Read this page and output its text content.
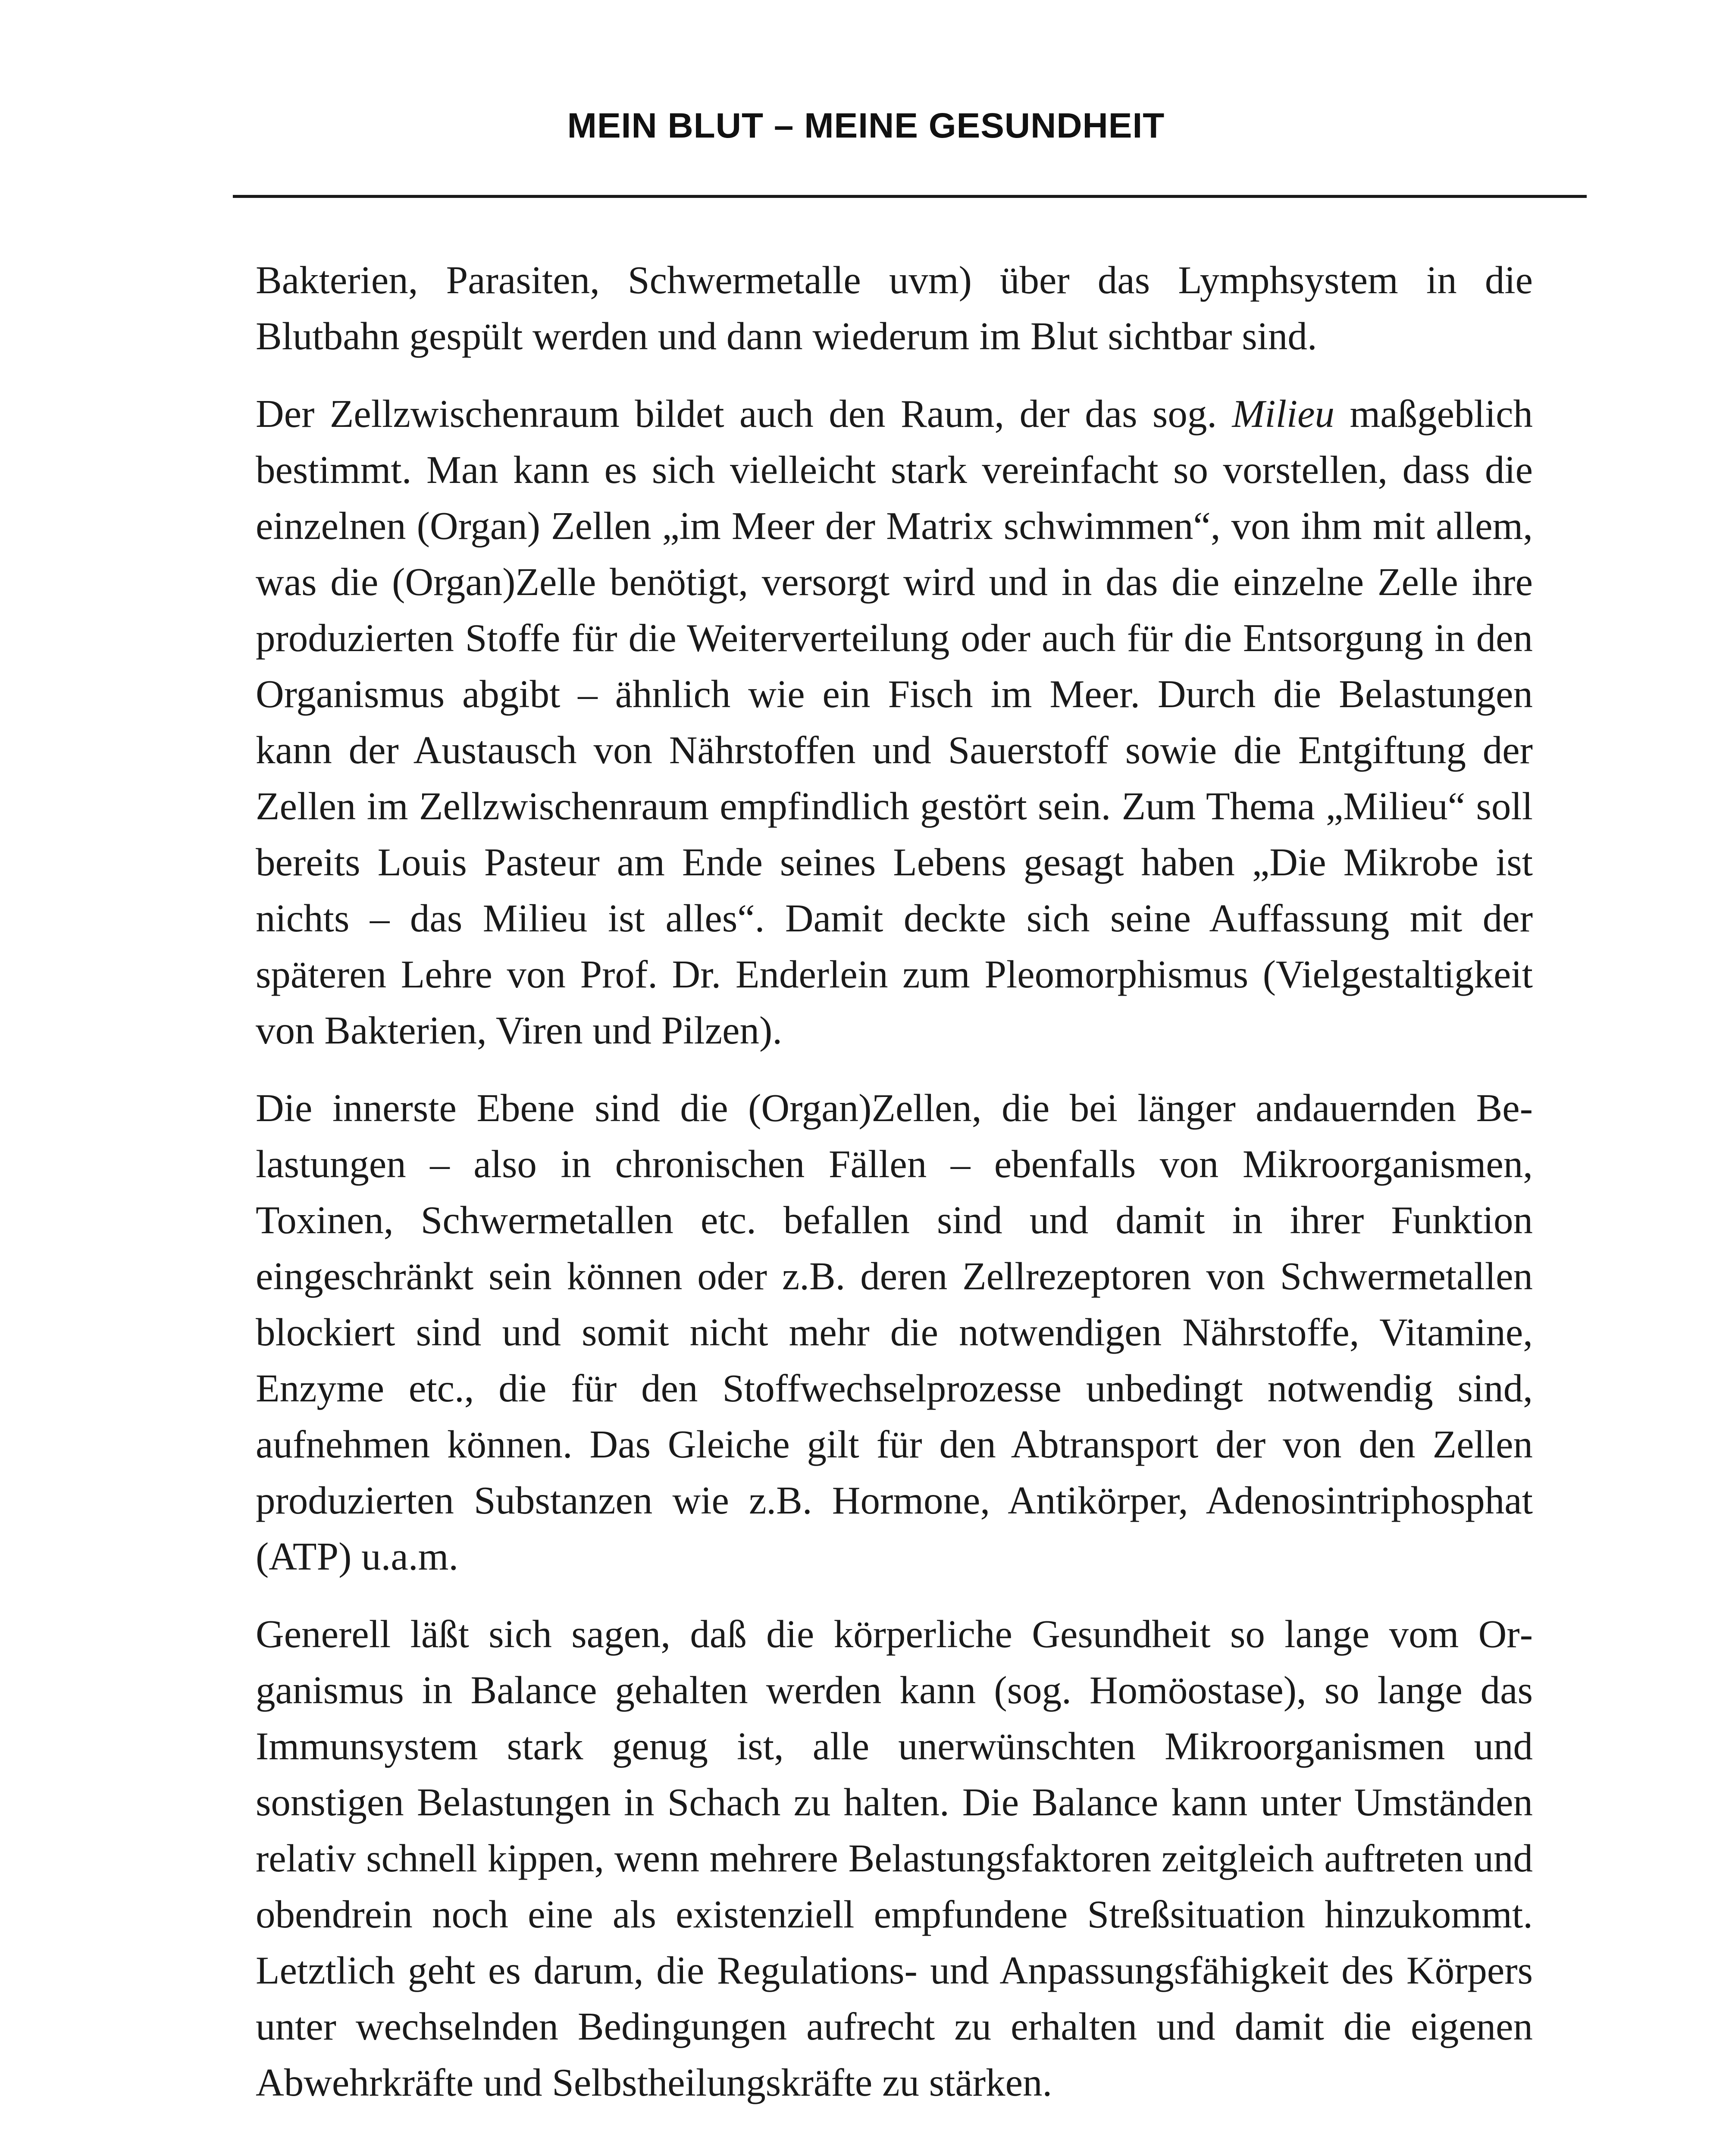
MEIN BLUT – MEINE GESUNDHEIT

Bakterien, Parasiten, Schwermetalle uvm) über das Lymphsystem in die Blutbahn gespült werden und dann wiederum im Blut sichtbar sind.

Der Zellzwischenraum bildet auch den Raum, der das sog. Milieu maßgeblich bestimmt. Man kann es sich vielleicht stark vereinfacht so vorstellen, dass die einzelnen (Organ) Zellen „im Meer der Matrix schwimmen“, von ihm mit allem, was die (Organ)Zelle benötigt, versorgt wird und in das die einzelne Zelle ihre produzierten Stoffe für die Weiterverteilung oder auch für die Entsorgung in den Organismus abgibt – ähnlich wie ein Fisch im Meer. Durch die Belastungen kann der Austausch von Nährstoffen und Sauerstoff sowie die Entgiftung der Zellen im Zellzwischenraum empfindlich gestört sein. Zum Thema „Milieu“ soll bereits Louis Pasteur am Ende seines Lebens gesagt haben „Die Mikrobe ist nichts – das Milieu ist alles“. Damit deckte sich seine Auffassung mit der späteren Lehre von Prof. Dr. Enderlein zum Pleomorphismus (Vielgestaltigkeit von Bakterien, Viren und Pilzen).

Die innerste Ebene sind die (Organ)Zellen, die bei länger andauernden Belastungen – also in chronischen Fällen – ebenfalls von Mikroorganismen, Toxinen, Schwermetallen etc. befallen sind und damit in ihrer Funktion eingeschränkt sein können oder z.B. deren Zellrezeptoren von Schwermetallen blockiert sind und somit nicht mehr die notwendigen Nährstoffe, Vitamine, Enzyme etc., die für den Stoffwechselprozesse unbedingt notwendig sind, aufnehmen können. Das Gleiche gilt für den Abtransport der von den Zellen produzierten Substanzen wie z.B. Hormone, Antikörper, Adenosintriphosphat (ATP) u.a.m.

Generell läßt sich sagen, daß die körperliche Gesundheit so lange vom Organismus in Balance gehalten werden kann (sog. Homöostase), so lange das Immunsystem stark genug ist, alle unerwünschten Mikroorganismen und sonstigen Belastungen in Schach zu halten. Die Balance kann unter Umständen relativ schnell kippen, wenn mehrere Belastungsfaktoren zeitgleich auftreten und obendrein noch eine als existenziell empfundene Streßsituation hinzukommt. Letztlich geht es darum, die Regulations- und Anpassungsfähigkeit des Körpers unter wechselnden Bedingungen aufrecht zu erhalten und damit die eigenen Abwehrkräfte und Selbstheilungskräfte zu stärken.
